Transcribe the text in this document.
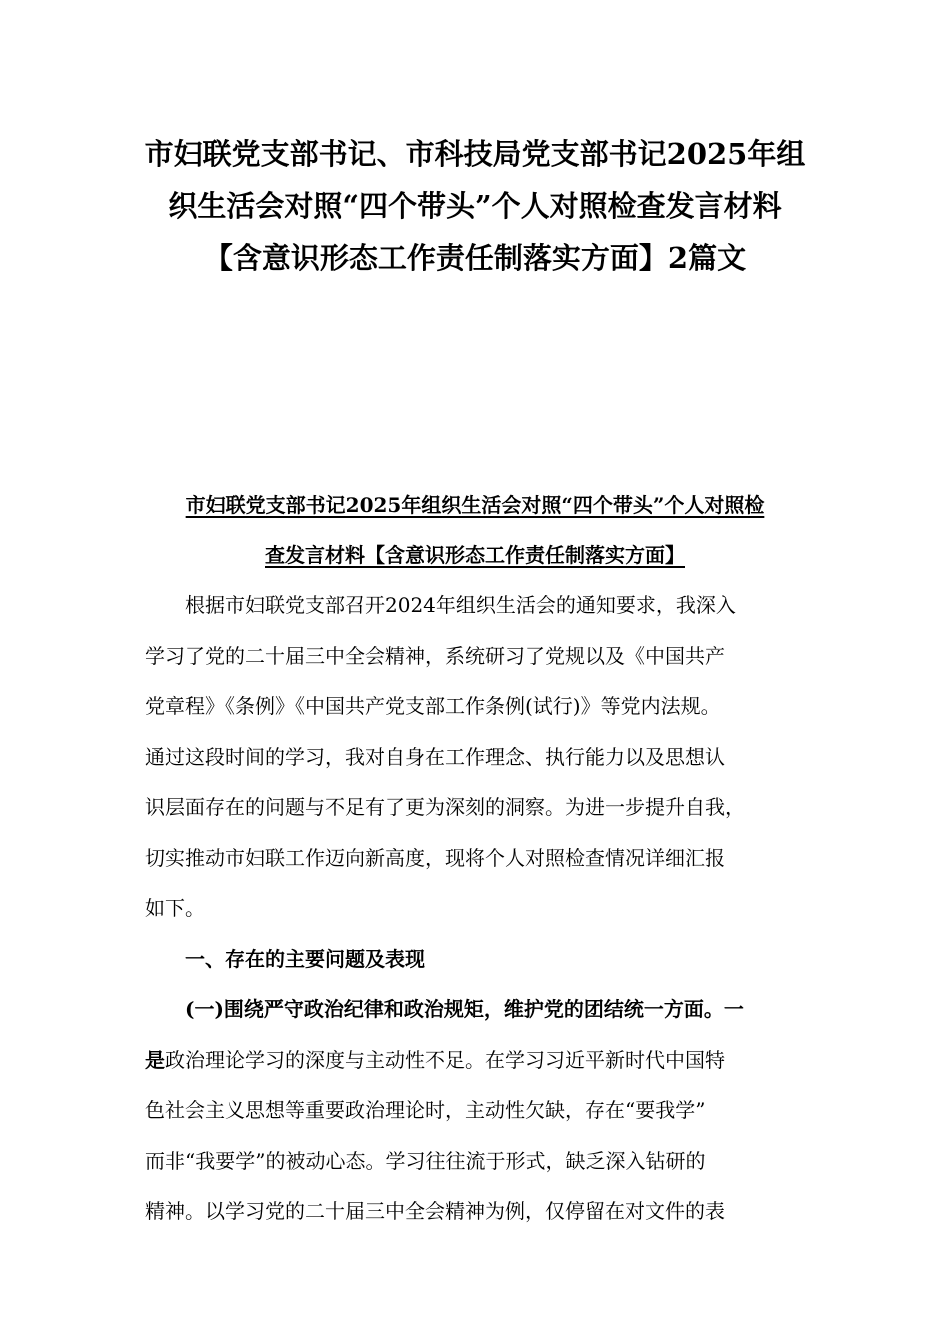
市妇联党支部书记、市科技局党支部书记2025年组
织生活会对照“四个带头”个人对照检查发言材料
【含意识形态工作责任制落实方面】2篇文
市妇联党支部书记2025年组织生活会对照“四个带头”个人对照检
查发言材料【含意识形态工作责任制落实方面】
根据市妇联党支部召开2024年组织生活会的通知要求，我深入
学习了党的二十届三中全会精神，系统研习了党规以及《中国共产
党章程》《条例》《中国共产党支部工作条例(试行)》等党内法规。
通过这段时间的学习，我对自身在工作理念、执行能力以及思想认
识层面存在的问题与不足有了更为深刻的洞察。为进一步提升自我，
切实推动市妇联工作迈向新高度，现将个人对照检查情况详细汇报
如下。
一、存在的主要问题及表现
(一)围绕严守政治纪律和政治规矩，维护党的团结统一方面。一
是政治理论学习的深度与主动性不足。在学习习近平新时代中国特
色社会主义思想等重要政治理论时，主动性欠缺，存在“要我学”
而非“我要学”的被动心态。学习往往流于形式，缺乏深入钻研的
精神。以学习党的二十届三中全会精神为例，仅停留在对文件的表
